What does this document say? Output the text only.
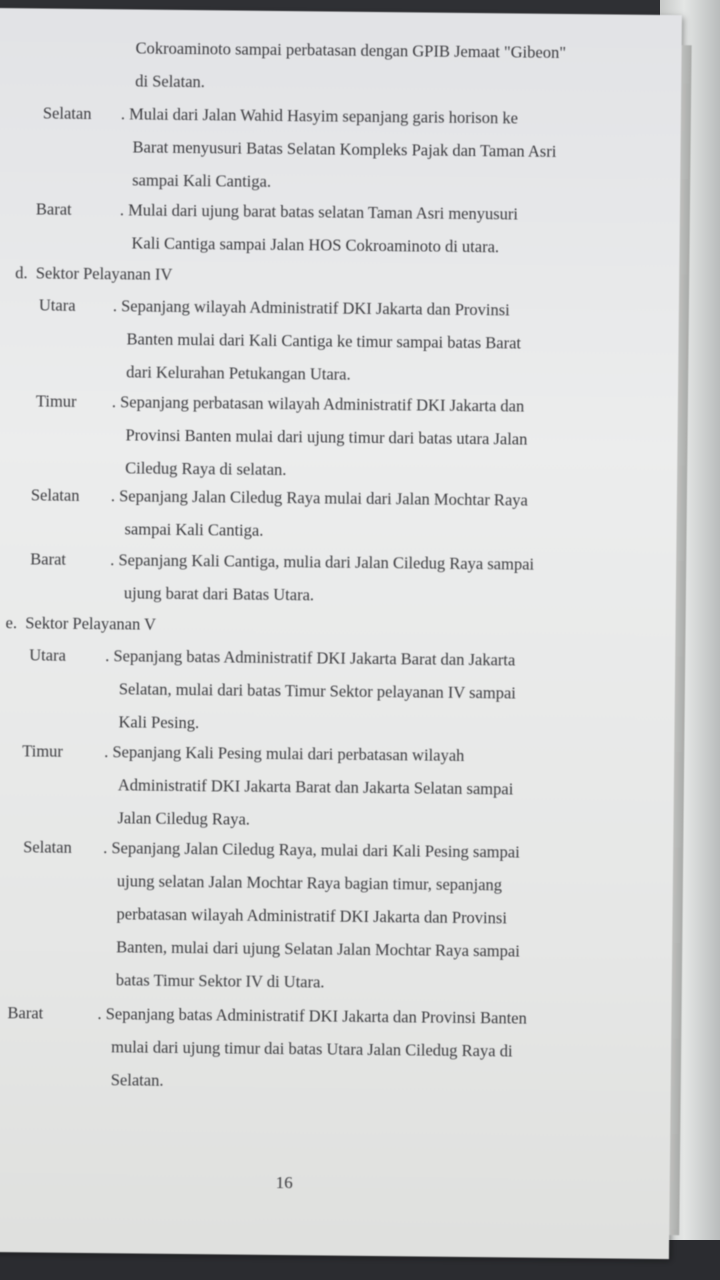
Cokroaminoto sampai perbatasan dengan GPIB Jemaat "Gibeon"
di Selatan.
Selatan . Mulai dari Jalan Wahid Hasyim sepanjang garis horison ke
Barat menyusuri Batas Selatan Kompleks Pajak dan Taman Asri
sampai Kali Cantiga.
Barat	. Mulai dari ujung barat batas selatan Taman Asri menyusuri
Kali Cantiga sampai Jalan HOS Cokroaminoto di utara.
d. Sektor Pelayanan IV
Utara . Sepanjang wilayah Administratif DKI Jakarta dan Provinsi
Banten mulai dari Kali Cantiga ke timur sampai batas Barat
dari Kelurahan Petukangan Utara.
Timur . Sepanjang perbatasan wilayah Administratif DKI Jakarta dan
Provinsi Banten mulai dari ujung timur dari batas utara Jalan
Ciledug Raya di selatan.
Selatan . Sepanjang Jalan Ciledug Raya mulai dari Jalan Mochtar Raya
sampai Kali Cantiga.
Barat	. Sepanjang Kali Cantiga, mulia dari Jalan Ciledug Raya sampai
ujung barat dari Batas Utara.
e. Sektor Pelayanan V
Utara . Sepanjang batas Administratif DKI Jakarta Barat dan Jakarta
Selatan, mulai dari batas Timur Sektor pelayanan IV sampai
Kali Pesing.
Timur . Sepanjang Kali Pesing mulai dari perbatasan wilayah
Administratif DKI Jakarta Barat dan Jakarta Selatan sampai
Jalan Ciledug Raya.
Selatan . Sepanjang Jalan Ciledug Raya, mulai dari Kali Pesing sampai
ujung selatan Jalan Mochtar Raya bagian timur, sepanjang
perbatasan wilayah Administratif DKI Jakarta dan Provinsi
Banten, mulai dari ujung Selatan Jalan Mochtar Raya sampai
batas Timur Sektor IV di Utara.
Barat	. Sepanjang batas Administratif DKI Jakarta dan Provinsi Banten
mulai dari ujung timur dai batas Utara Jalan Ciledug Raya di
Selatan.
16
